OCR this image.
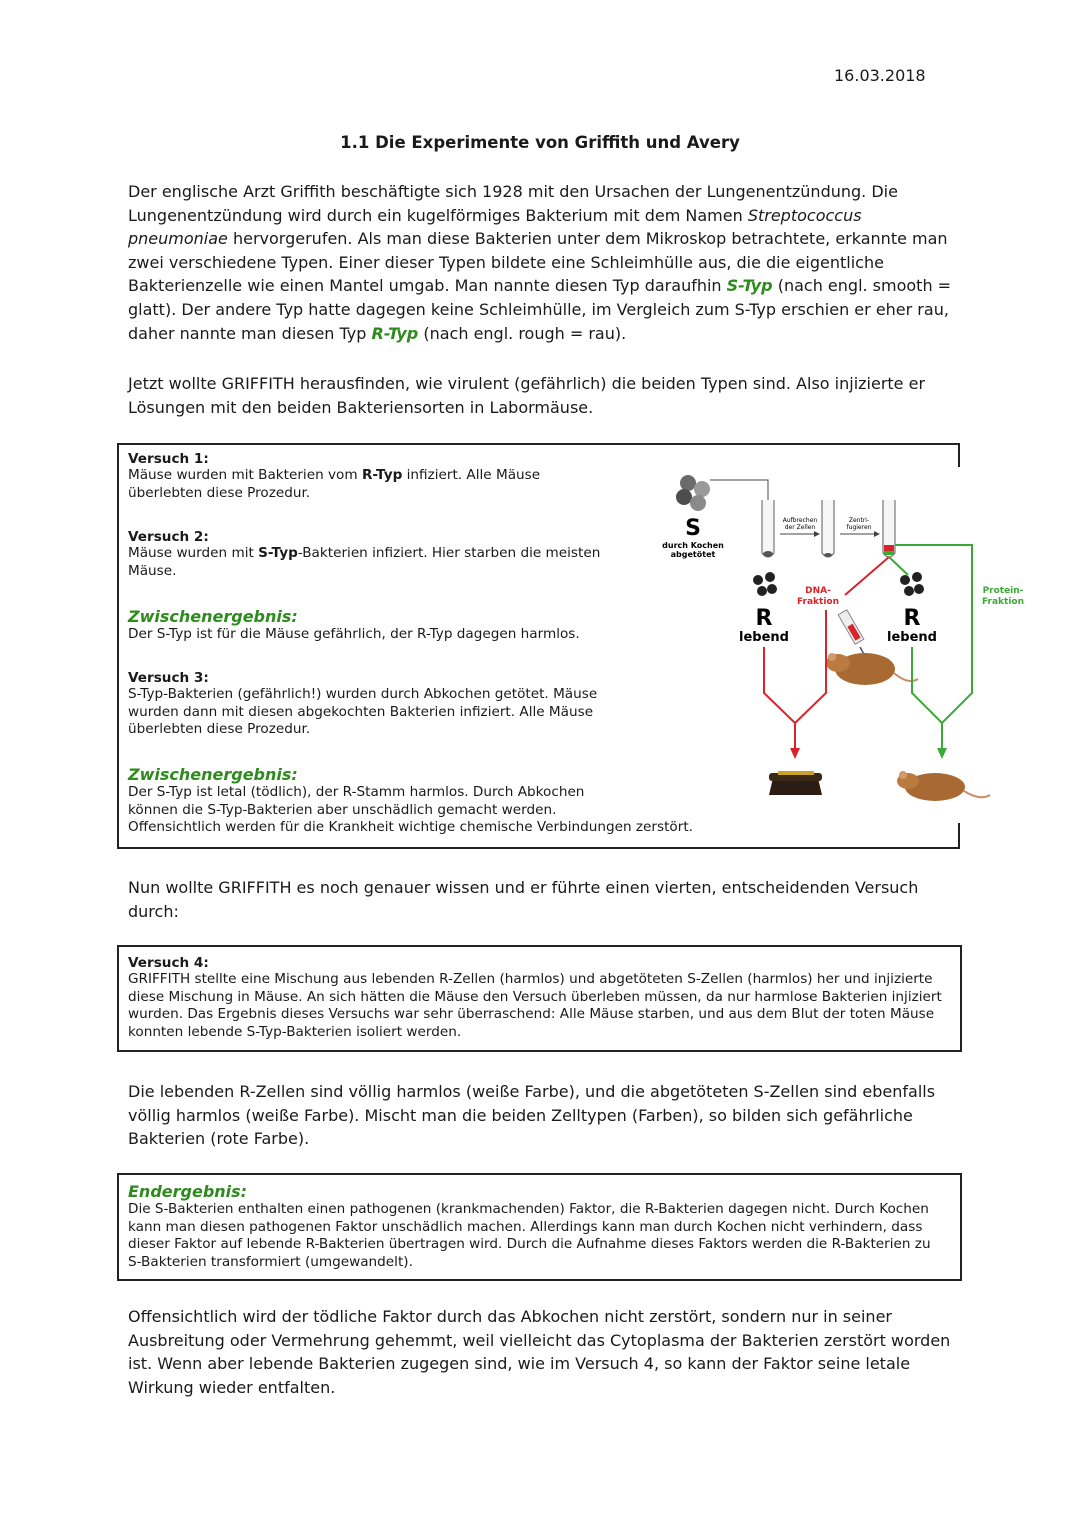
16.03.2018
1.1 Die Experimente von Griffith und Avery

Der englische Arzt Griffith beschäftigte sich 1928 mit den Ursachen der Lungenentzündung. Die Lungenentzündung wird durch ein kugelförmiges Bakterium mit dem Namen Streptococcus pneumoniae hervorgerufen. Als man diese Bakterien unter dem Mikroskop betrachtete, erkannte man zwei verschiedene Typen. Einer dieser Typen bildete eine Schleimhülle aus, die die eigentliche Bakterienzelle wie einen Mantel umgab. Man nannte diesen Typ daraufhin S-Typ (nach engl. smooth = glatt). Der andere Typ hatte dagegen keine Schleimhülle, im Vergleich zum S-Typ erschien er eher rau, daher nannte man diesen Typ R-Typ (nach engl. rough = rau).

Jetzt wollte GRIFFITH herausfinden, wie virulent (gefährlich) die beiden Typen sind. Also injizierte er Lösungen mit den beiden Bakteriensorten in Labormäuse.

Versuch 1:

Mäuse wurden mit Bakterien vom R-Typ infiziert. Alle Mäuse überlebten diese Prozedur.

Versuch 2:

Mäuse wurden mit S-Typ-Bakterien infiziert. Hier starben die meisten Mäuse.

Zwischenergebnis:

Der S-Typ ist für die Mäuse gefährlich, der R-Typ dagegen harmlos.

Versuch 3:

S-Typ-Bakterien (gefährlich!) wurden durch Abkochen getötet. Mäuse wurden dann mit diesen abgekochten Bakterien infiziert. Alle Mäuse überlebten diese Prozedur.

Zwischenergebnis:

Der S-Typ ist letal (tödlich), der R-Stamm harmlos. Durch Abkochen

können die S-Typ-Bakterien aber unschädlich gemacht werden.

Offensichtlich werden für die Krankheit wichtige chemische Verbindungen zerstört.

S
durch Kochen
abgetötet
Aufbrechen
der Zellen
Zentri-
fugieren
R
lebend
R
lebend
DNA-
Fraktion
Protein-
Fraktion

Nun wollte GRIFFITH es noch genauer wissen und er führte einen vierten, entscheidenden Versuch durch:

Versuch 4:

GRIFFITH stellte eine Mischung aus lebenden R-Zellen (harmlos) und abgetöteten S-Zellen (harmlos) her und injizierte diese Mischung in Mäuse. An sich hätten die Mäuse den Versuch überleben müssen, da nur harmlose Bakterien injiziert wurden. Das Ergebnis dieses Versuchs war sehr überraschend: Alle Mäuse starben, und aus dem Blut der toten Mäuse konnten lebende S-Typ-Bakterien isoliert werden.

Die lebenden R-Zellen sind völlig harmlos (weiße Farbe), und die abgetöteten S-Zellen sind ebenfalls völlig harmlos (weiße Farbe). Mischt man die beiden Zelltypen (Farben), so bilden sich gefährliche Bakterien (rote Farbe).

Endergebnis:

Die S-Bakterien enthalten einen pathogenen (krankmachenden) Faktor, die R-Bakterien dagegen nicht. Durch Kochen kann man diesen pathogenen Faktor unschädlich machen. Allerdings kann man durch Kochen nicht verhindern, dass dieser Faktor auf lebende R-Bakterien übertragen wird. Durch die Aufnahme dieses Faktors werden die R-Bakterien zu S-Bakterien transformiert (umgewandelt).

Offensichtlich wird der tödliche Faktor durch das Abkochen nicht zerstört, sondern nur in seiner Ausbreitung oder Vermehrung gehemmt, weil vielleicht das Cytoplasma der Bakterien zerstört worden ist. Wenn aber lebende Bakterien zugegen sind, wie im Versuch 4, so kann der Faktor seine letale Wirkung wieder entfalten.
